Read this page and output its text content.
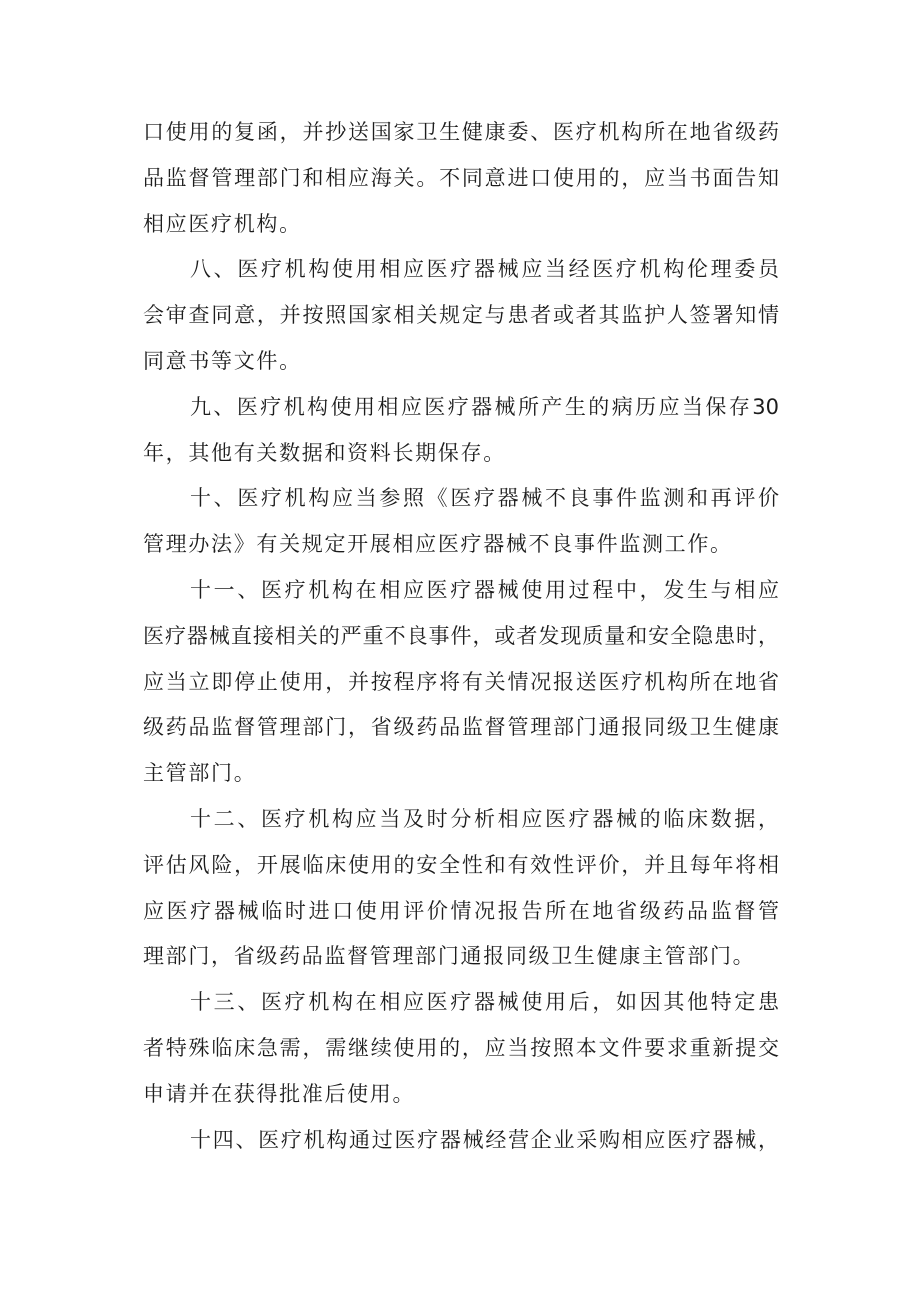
口使用的复函，并抄送国家卫生健康委、医疗机构所在地省级药
品监督管理部门和相应海关。不同意进口使用的，应当书面告知
相应医疗机构。
八、医疗机构使用相应医疗器械应当经医疗机构伦理委员
会审查同意，并按照国家相关规定与患者或者其监护人签署知情
同意书等文件。
九、医疗机构使用相应医疗器械所产生的病历应当保存30
年，其他有关数据和资料长期保存。
十、医疗机构应当参照《医疗器械不良事件监测和再评价
管理办法》有关规定开展相应医疗器械不良事件监测工作。
十一、医疗机构在相应医疗器械使用过程中，发生与相应
医疗器械直接相关的严重不良事件，或者发现质量和安全隐患时，
应当立即停止使用，并按程序将有关情况报送医疗机构所在地省
级药品监督管理部门，省级药品监督管理部门通报同级卫生健康
主管部门。
十二、医疗机构应当及时分析相应医疗器械的临床数据，
评估风险，开展临床使用的安全性和有效性评价，并且每年将相
应医疗器械临时进口使用评价情况报告所在地省级药品监督管
理部门，省级药品监督管理部门通报同级卫生健康主管部门。
十三、医疗机构在相应医疗器械使用后，如因其他特定患
者特殊临床急需，需继续使用的，应当按照本文件要求重新提交
申请并在获得批准后使用。
十四、医疗机构通过医疗器械经营企业采购相应医疗器械，
